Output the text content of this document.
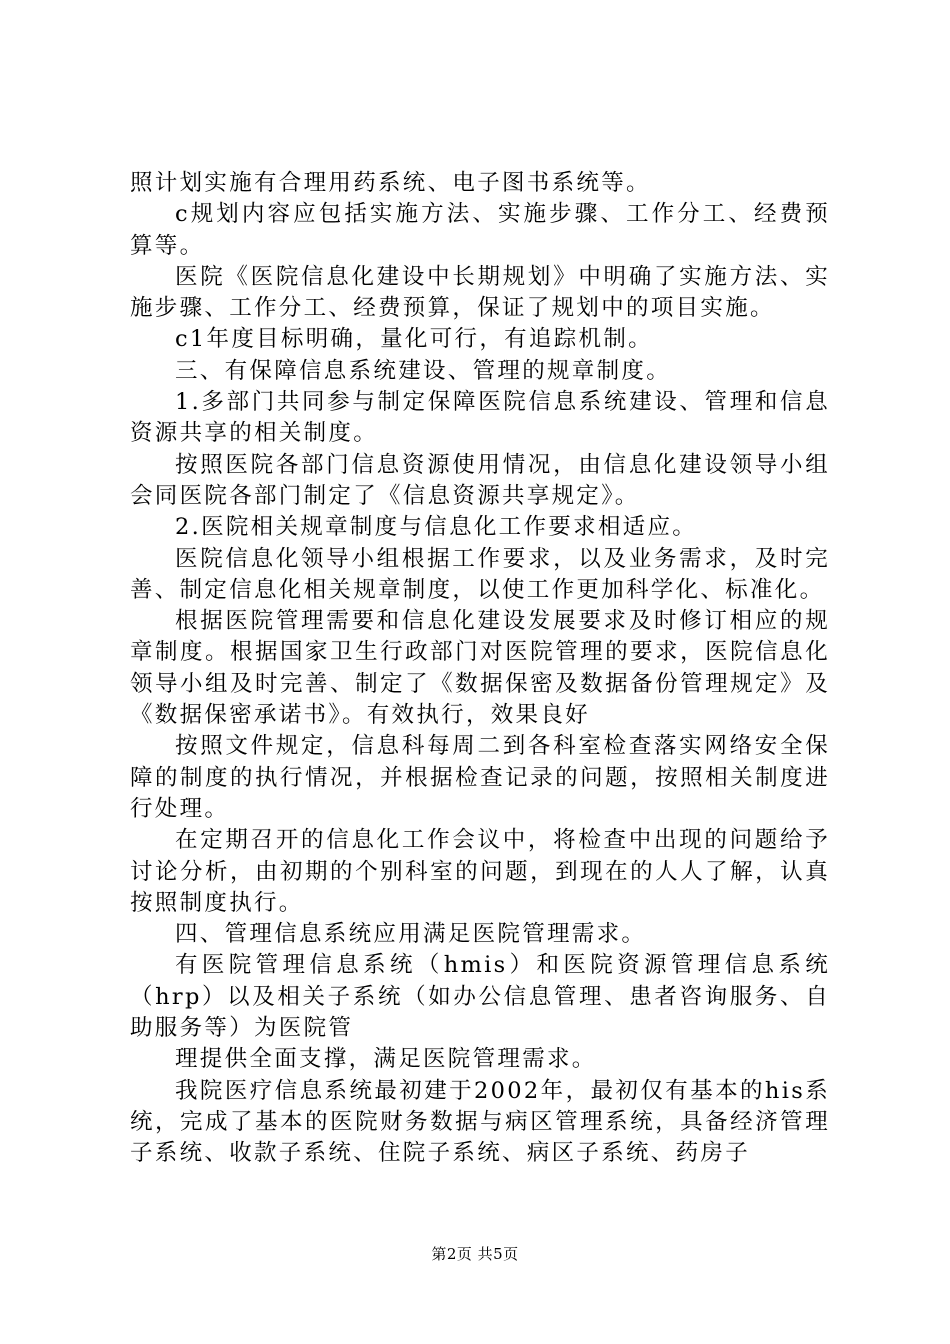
照计划实施有合理用药系统、电子图书系统等。

c规划内容应包括实施方法、实施步骤、工作分工、经费预算等。

医院《医院信息化建设中长期规划》中明确了实施方法、实施步骤、工作分工、经费预算，保证了规划中的项目实施。

c1年度目标明确，量化可行，有追踪机制。

三、有保障信息系统建设、管理的规章制度。

1.多部门共同参与制定保障医院信息系统建设、管理和信息资源共享的相关制度。

按照医院各部门信息资源使用情况，由信息化建设领导小组会同医院各部门制定了《信息资源共享规定》。

2.医院相关规章制度与信息化工作要求相适应。

医院信息化领导小组根据工作要求，以及业务需求，及时完善、制定信息化相关规章制度，以使工作更加科学化、标准化。

根据医院管理需要和信息化建设发展要求及时修订相应的规章制度。根据国家卫生行政部门对医院管理的要求，医院信息化领导小组及时完善、制定了《数据保密及数据备份管理规定》及《数据保密承诺书》。有效执行，效果良好

按照文件规定，信息科每周二到各科室检查落实网络安全保障的制度的执行情况，并根据检查记录的问题，按照相关制度进行处理。

在定期召开的信息化工作会议中，将检查中出现的问题给予讨论分析，由初期的个别科室的问题，到现在的人人了解，认真按照制度执行。

四、管理信息系统应用满足医院管理需求。

有医院管理信息系统（hmis）和医院资源管理信息系统（hrp）以及相关子系统（如办公信息管理、患者咨询服务、自助服务等）为医院管

理提供全面支撑，满足医院管理需求。

我院医疗信息系统最初建于2002年，最初仅有基本的his系统，完成了基本的医院财务数据与病区管理系统，具备经济管理子系统、收款子系统、住院子系统、病区子系统、药房子

第2页 共5页
